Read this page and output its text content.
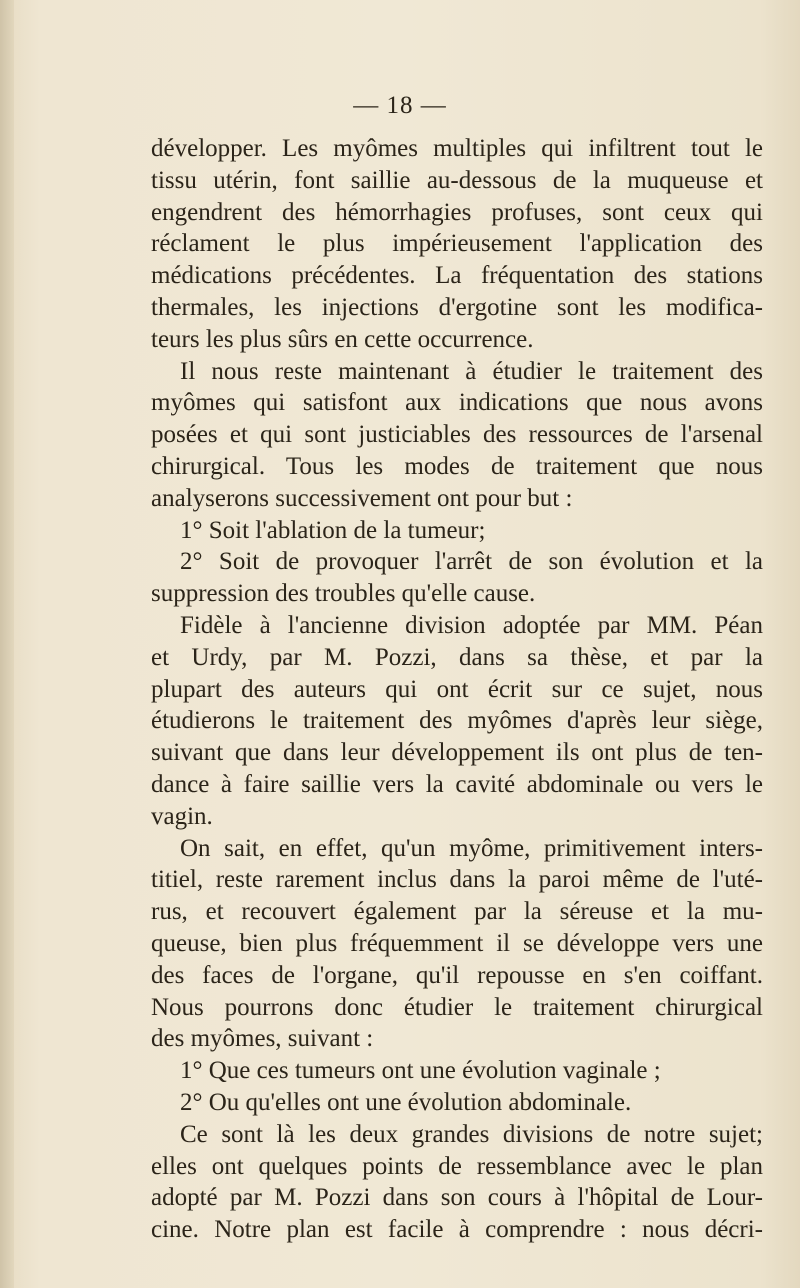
— 18 —
développer. Les myômes multiples qui infiltrent tout le
tissu utérin, font saillie au-dessous de la muqueuse et
engendrent des hémorrhagies profuses, sont ceux qui
réclament le plus impérieusement l'application des
médications précédentes. La fréquentation des stations
thermales, les injections d'ergotine sont les modifica-
teurs les plus sûrs en cette occurrence.
Il nous reste maintenant à étudier le traitement des
myômes qui satisfont aux indications que nous avons
posées et qui sont justiciables des ressources de l'arsenal
chirurgical. Tous les modes de traitement que nous
analyserons successivement ont pour but :
1° Soit l'ablation de la tumeur;
2° Soit de provoquer l'arrêt de son évolution et la
suppression des troubles qu'elle cause.
Fidèle à l'ancienne division adoptée par MM. Péan
et Urdy, par M. Pozzi, dans sa thèse, et par la
plupart des auteurs qui ont écrit sur ce sujet, nous
étudierons le traitement des myômes d'après leur siège,
suivant que dans leur développement ils ont plus de ten-
dance à faire saillie vers la cavité abdominale ou vers le
vagin.
On sait, en effet, qu'un myôme, primitivement inters-
titiel, reste rarement inclus dans la paroi même de l'uté-
rus, et recouvert également par la séreuse et la mu-
queuse, bien plus fréquemment il se développe vers une
des faces de l'organe, qu'il repousse en s'en coiffant.
Nous pourrons donc étudier le traitement chirurgical
des myômes, suivant :
1° Que ces tumeurs ont une évolution vaginale ;
2° Ou qu'elles ont une évolution abdominale.
Ce sont là les deux grandes divisions de notre sujet;
elles ont quelques points de ressemblance avec le plan
adopté par M. Pozzi dans son cours à l'hôpital de Lour-
cine. Notre plan est facile à comprendre : nous décri-
